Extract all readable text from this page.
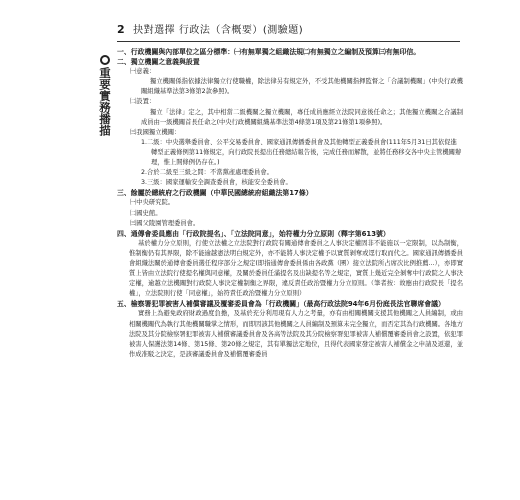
2 抉對選擇 行政法（含概要）(測驗題)
重要實務播描

一、行政機關與內部單位之區分標準：㈠有無單獨之組織法規㈡有無獨立之編制及預算㈢有無印信。

二、獨立機關之意義與設置

㈠意義：

獨立機關係指依據法律獨立行使職權，除法律另有規定外，不受其他機關指揮監督之「合議制機關」(中央行政機關組織基準法第3條第2款參照)。

㈡設置：

獨立「法律」定之，其中相當二級機關之獨立機關，專任成員應經立法院同意後任命之；其他獨立機關之合議制成員由一級機關首長任命之(中央行政機關組織基準法第4條第1項及第21條第1項參照)。

㈢我國獨立機關：

1.二級：中央選舉委員會、公平交易委員會、國家通訊傳播委員會及其他轉型正義委員會(111年5月31日其依促進轉型正義條例第11條規定，向行政院長提出任務總結報告後，完成任務而解散，並將任務移交各中央主管機關辦理，惟上開條例仍存在。)

2.合於二級至三級之間：不當黨產處理委員會。

3.三級：國家運輸安全調查委員會，核能安全委員會。

三、餘屬於總統府之行政機關（中華民國總統府組織法第17條）

㈠中央研究院。

㈡國史館。

㈢國父陵園管理委員會。

四、通傳會委員應由「行政院提名」、「立法院同意」，始符權力分立原則（釋字第613號）

基於權力分立原則，行使立法權之立法院對行政院有關通傳會委員之人事決定權固非不能施以一定限制，以為制衡，惟制衡仍有其界限，除不能逾越憲法明白規定外，亦不能將人事決定權予以實質剝奪或逕行取而代之。國家通訊傳播委員會組織法關於通傳會委員選任程序部分之規定(即指通傳會委員係由各政黨（團）接立法院所占席次比例推薦...），亦即實質上皆由立法院行使提名權與同意權，及關於委員任滿提名及出缺提名等之規定，實質上幾近完全剝奪中行政院之人事決定權，逾越立法機關對行政院人事決定權制衡之界限，違反責任政治暨權力分立原則。（筆者按：故應由行政院長「提名權」，立法院則行使「同意權」，始符責任政治暨權力分立原則）

五、檢察署犯罪被害人補償審議及覆審委員會為「行政機關」（最高行政法院94年6月份庭長法官聯席會議）

實務上為避免政府財政過度負擔，及基於充分利用現有人力之考量，亦有由相關機關支援其他機關之人員編制，或由相關機關代為執行其他機關職掌之情形，而即因該其他機關之人員編制及預算未完全獨立，而否定其為行政機關。各地方法院及其分院檢察署犯罪被害人補償審議委員會及各高等法院及其分院檢察署犯罪被害人補償覆審委員會之設置，依犯罪被害人保護法第14條、第15條、第20條之規定，其有單獨法定地位，且得代表國家發定被害人補償金之申請及返還，並作成准駁之決定，是該審議委員會及補償覆審委員
